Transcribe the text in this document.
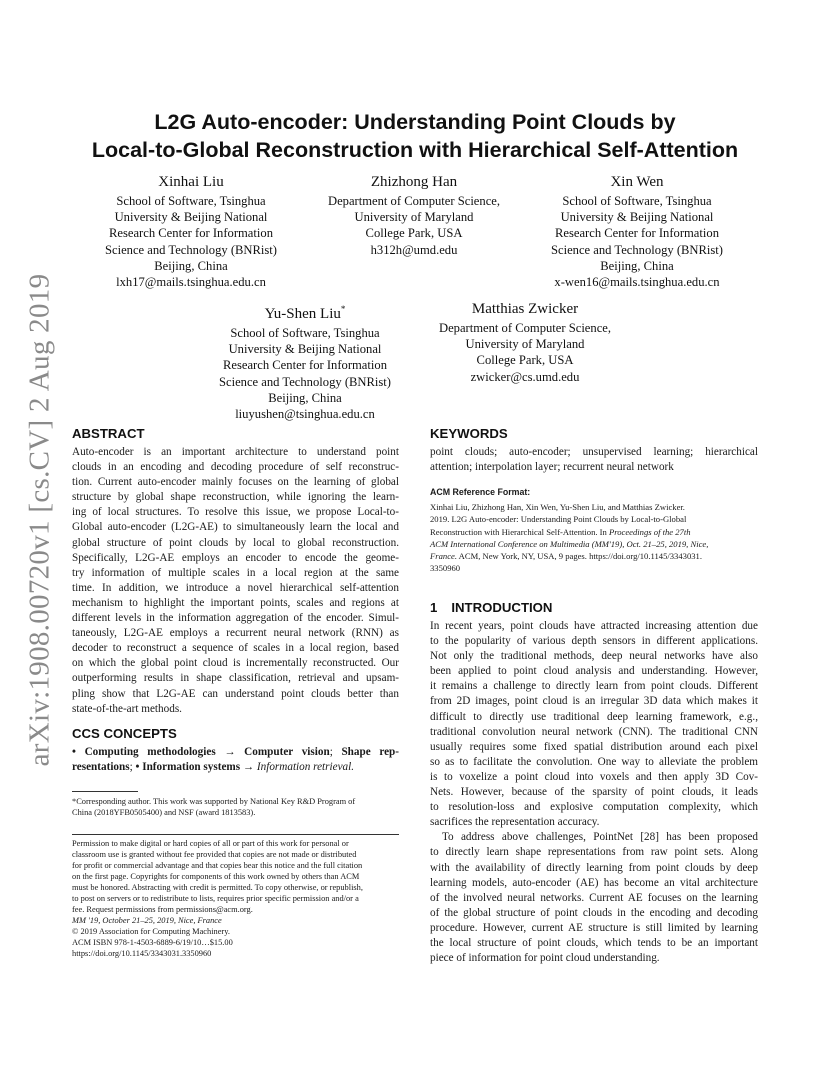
arXiv:1908.00720v1 [cs.CV] 2 Aug 2019
L2G Auto-encoder: Understanding Point Clouds by
Local-to-Global Reconstruction with Hierarchical Self-Attention
Xinhai Liu
School of Software, Tsinghua
University & Beijing National
Research Center for Information
Science and Technology (BNRist)
Beijing, China
lxh17@mails.tsinghua.edu.cn
Zhizhong Han
Department of Computer Science,
University of Maryland
College Park, USA
h312h@umd.edu
Xin Wen
School of Software, Tsinghua
University & Beijing National
Research Center for Information
Science and Technology (BNRist)
Beijing, China
x-wen16@mails.tsinghua.edu.cn
Yu-Shen Liu*
School of Software, Tsinghua
University & Beijing National
Research Center for Information
Science and Technology (BNRist)
Beijing, China
liuyushen@tsinghua.edu.cn
Matthias Zwicker
Department of Computer Science,
University of Maryland
College Park, USA
zwicker@cs.umd.edu
ABSTRACT
Auto-encoder is an important architecture to understand point
clouds in an encoding and decoding procedure of self reconstruc-
tion. Current auto-encoder mainly focuses on the learning of global
structure by global shape reconstruction, while ignoring the learn-
ing of local structures. To resolve this issue, we propose Local-to-
Global auto-encoder (L2G-AE) to simultaneously learn the local and
global structure of point clouds by local to global reconstruction.
Specifically, L2G-AE employs an encoder to encode the geome-
try information of multiple scales in a local region at the same
time. In addition, we introduce a novel hierarchical self-attention
mechanism to highlight the important points, scales and regions at
different levels in the information aggregation of the encoder. Simul-
taneously, L2G-AE employs a recurrent neural network (RNN) as
decoder to reconstruct a sequence of scales in a local region, based
on which the global point cloud is incrementally reconstructed. Our
outperforming results in shape classification, retrieval and upsam-
pling show that L2G-AE can understand point clouds better than
state-of-the-art methods.
CCS CONCEPTS
• Computing methodologies → Computer vision; Shape rep-
resentations; • Information systems → Information retrieval.
*Corresponding author. This work was supported by National Key R&D Program of
China (2018YFB0505400) and NSF (award 1813583).
Permission to make digital or hard copies of all or part of this work for personal or
classroom use is granted without fee provided that copies are not made or distributed
for profit or commercial advantage and that copies bear this notice and the full citation
on the first page. Copyrights for components of this work owned by others than ACM
must be honored. Abstracting with credit is permitted. To copy otherwise, or republish,
to post on servers or to redistribute to lists, requires prior specific permission and/or a
fee. Request permissions from permissions@acm.org.
MM '19, October 21–25, 2019, Nice, France
© 2019 Association for Computing Machinery.
ACM ISBN 978-1-4503-6889-6/19/10…$15.00
https://doi.org/10.1145/3343031.3350960
KEYWORDS
point clouds; auto-encoder; unsupervised learning; hierarchical
attention; interpolation layer; recurrent neural network
ACM Reference Format:
Xinhai Liu, Zhizhong Han, Xin Wen, Yu-Shen Liu, and Matthias Zwicker.
2019. L2G Auto-encoder: Understanding Point Clouds by Local-to-Global
Reconstruction with Hierarchical Self-Attention. In Proceedings of the 27th
ACM International Conference on Multimedia (MM'19), Oct. 21–25, 2019, Nice,
France. ACM, New York, NY, USA, 9 pages. https://doi.org/10.1145/3343031.
3350960
1 INTRODUCTION
In recent years, point clouds have attracted increasing attention due
to the popularity of various depth sensors in different applications.
Not only the traditional methods, deep neural networks have also
been applied to point cloud analysis and understanding. However,
it remains a challenge to directly learn from point clouds. Different
from 2D images, point cloud is an irregular 3D data which makes it
difficult to directly use traditional deep learning framework, e.g.,
traditional convolution neural network (CNN). The traditional CNN
usually requires some fixed spatial distribution around each pixel
so as to facilitate the convolution. One way to alleviate the problem
is to voxelize a point cloud into voxels and then apply 3D Cov-
Nets. However, because of the sparsity of point clouds, it leads
to resolution-loss and explosive computation complexity, which
sacrifices the representation accuracy.
To address above challenges, PointNet [28] has been proposed
to directly learn shape representations from raw point sets. Along
with the availability of directly learning from point clouds by deep
learning models, auto-encoder (AE) has become an vital architecture
of the involved neural networks. Current AE focuses on the learning
of the global structure of point clouds in the encoding and decoding
procedure. However, current AE structure is still limited by learning
the local structure of point clouds, which tends to be an important
piece of information for point cloud understanding.
